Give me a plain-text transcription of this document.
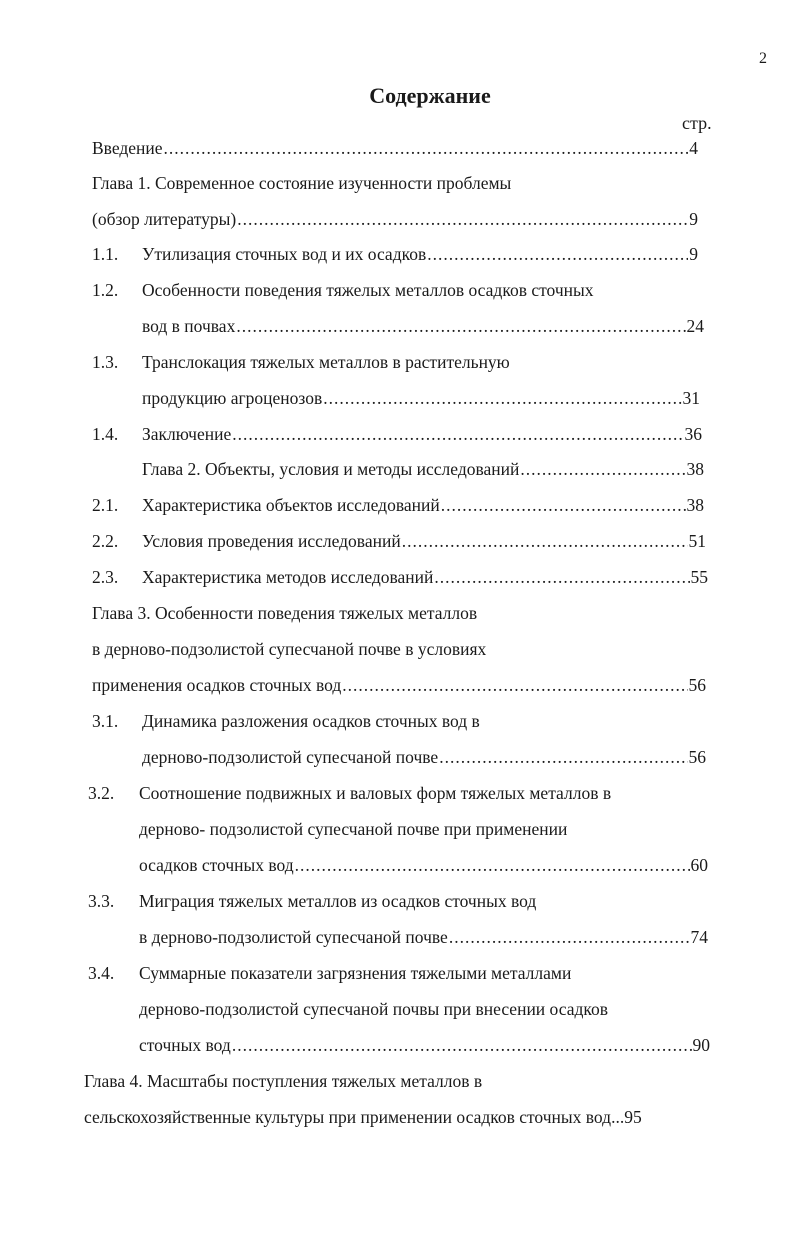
2
Содержание
стр.
Введение .....	4
Глава 1. Современное состояние изученности проблемы
(обзор литературы) .....	9
1.1. Утилизация сточных вод и их осадков .....	9
1.2. Особенности поведения тяжелых металлов осадков сточных
вод в почвах .....	24
1.3. Транслокация тяжелых металлов в растительную
продукцию агроценозов .....	31
1.4. Заключение .....	36
Глава 2. Объекты, условия и методы исследований .....	38
2.1. Характеристика объектов исследований .....	38
2.2. Условия проведения исследований .....	51
2.3. Характеристика методов исследований .....	55
Глава 3. Особенности поведения тяжелых металлов
в дерново-подзолистой супесчаной почве в условиях
применения осадков сточных вод .....	56
3.1. Динамика разложения осадков сточных вод в
дерново-подзолистой супесчаной почве .....	56
3.2. Соотношение подвижных и валовых форм тяжелых металлов в
дерново- подзолистой супесчаной почве при применении
осадков сточных вод .....	60
3.3. Миграция тяжелых металлов из осадков сточных вод
в дерново-подзолистой супесчаной почве .....	74
3.4. Суммарные показатели загрязнения тяжелыми металлами
дерново-подзолистой супесчаной почвы при внесении осадков
сточных вод .....	90
Глава 4. Масштабы поступления тяжелых металлов в
сельскохозяйственные культуры при применении осадков сточных вод...95
